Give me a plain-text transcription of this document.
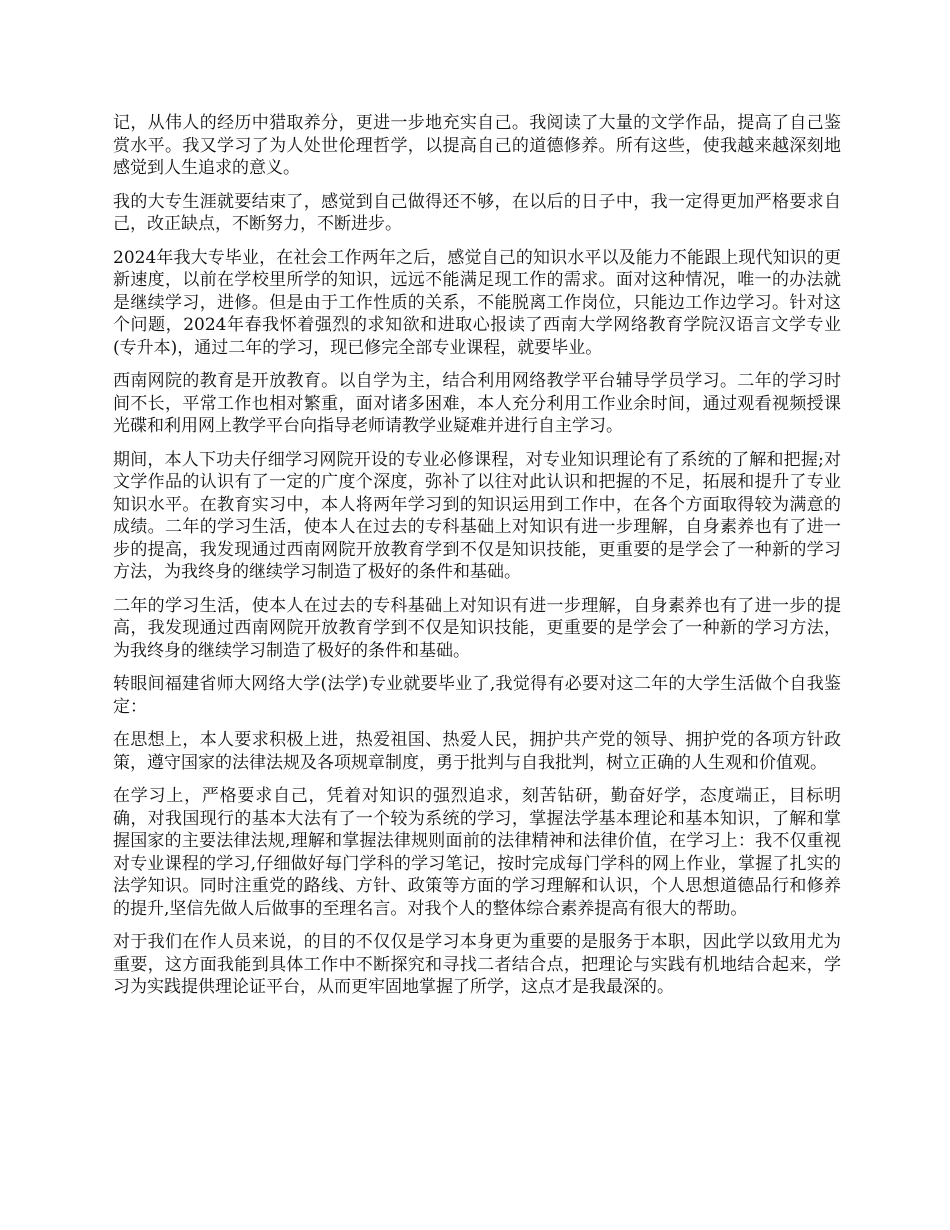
记，从伟人的经历中猎取养分，更进一步地充实自己。我阅读了大量的文学作品，提高了自己鉴赏水平。我又学习了为人处世伦理哲学，以提高自己的道德修养。所有这些，使我越来越深刻地感觉到人生追求的意义。

我的大专生涯就要结束了，感觉到自己做得还不够，在以后的日子中，我一定得更加严格要求自己，改正缺点，不断努力，不断进步。

2024年我大专毕业，在社会工作两年之后，感觉自己的知识水平以及能力不能跟上现代知识的更新速度，以前在学校里所学的知识，远远不能满足现工作的需求。面对这种情况，唯一的办法就是继续学习，进修。但是由于工作性质的关系，不能脱离工作岗位，只能边工作边学习。针对这个问题，2024年春我怀着强烈的求知欲和进取心报读了西南大学网络教育学院汉语言文学专业(专升本)，通过二年的学习，现已修完全部专业课程，就要毕业。

西南网院的教育是开放教育。以自学为主，结合利用网络教学平台辅导学员学习。二年的学习时间不长，平常工作也相对繁重，面对诸多困难，本人充分利用工作业余时间，通过观看视频授课光碟和利用网上教学平台向指导老师请教学业疑难并进行自主学习。

期间，本人下功夫仔细学习网院开设的专业必修课程，对专业知识理论有了系统的了解和把握;对文学作品的认识有了一定的广度个深度，弥补了以往对此认识和把握的不足，拓展和提升了专业知识水平。在教育实习中，本人将两年学习到的知识运用到工作中，在各个方面取得较为满意的成绩。二年的学习生活，使本人在过去的专科基础上对知识有进一步理解，自身素养也有了进一步的提高，我发现通过西南网院开放教育学到不仅是知识技能，更重要的是学会了一种新的学习方法，为我终身的继续学习制造了极好的条件和基础。

二年的学习生活，使本人在过去的专科基础上对知识有进一步理解，自身素养也有了进一步的提高，我发现通过西南网院开放教育学到不仅是知识技能，更重要的是学会了一种新的学习方法，为我终身的继续学习制造了极好的条件和基础。

转眼间福建省师大网络大学(法学)专业就要毕业了,我觉得有必要对这二年的大学生活做个自我鉴定：

在思想上，本人要求积极上进，热爱祖国、热爱人民，拥护共产党的领导、拥护党的各项方针政策，遵守国家的法律法规及各项规章制度，勇于批判与自我批判，树立正确的人生观和价值观。

在学习上，严格要求自己，凭着对知识的强烈追求，刻苦钻研，勤奋好学，态度端正，目标明确，对我国现行的基本大法有了一个较为系统的学习，掌握法学基本理论和基本知识，了解和掌握国家的主要法律法规,理解和掌握法律规则面前的法律精神和法律价值，在学习上：我不仅重视对专业课程的学习,仔细做好每门学科的学习笔记，按时完成每门学科的网上作业，掌握了扎实的法学知识。同时注重党的路线、方针、政策等方面的学习理解和认识，个人思想道德品行和修养的提升,坚信先做人后做事的至理名言。对我个人的整体综合素养提高有很大的帮助。

对于我们在作人员来说，的目的不仅仅是学习本身更为重要的是服务于本职，因此学以致用尤为重要，这方面我能到具体工作中不断探究和寻找二者结合点，把理论与实践有机地结合起来，学习为实践提供理论证平台，从而更牢固地掌握了所学，这点才是我最深的。
